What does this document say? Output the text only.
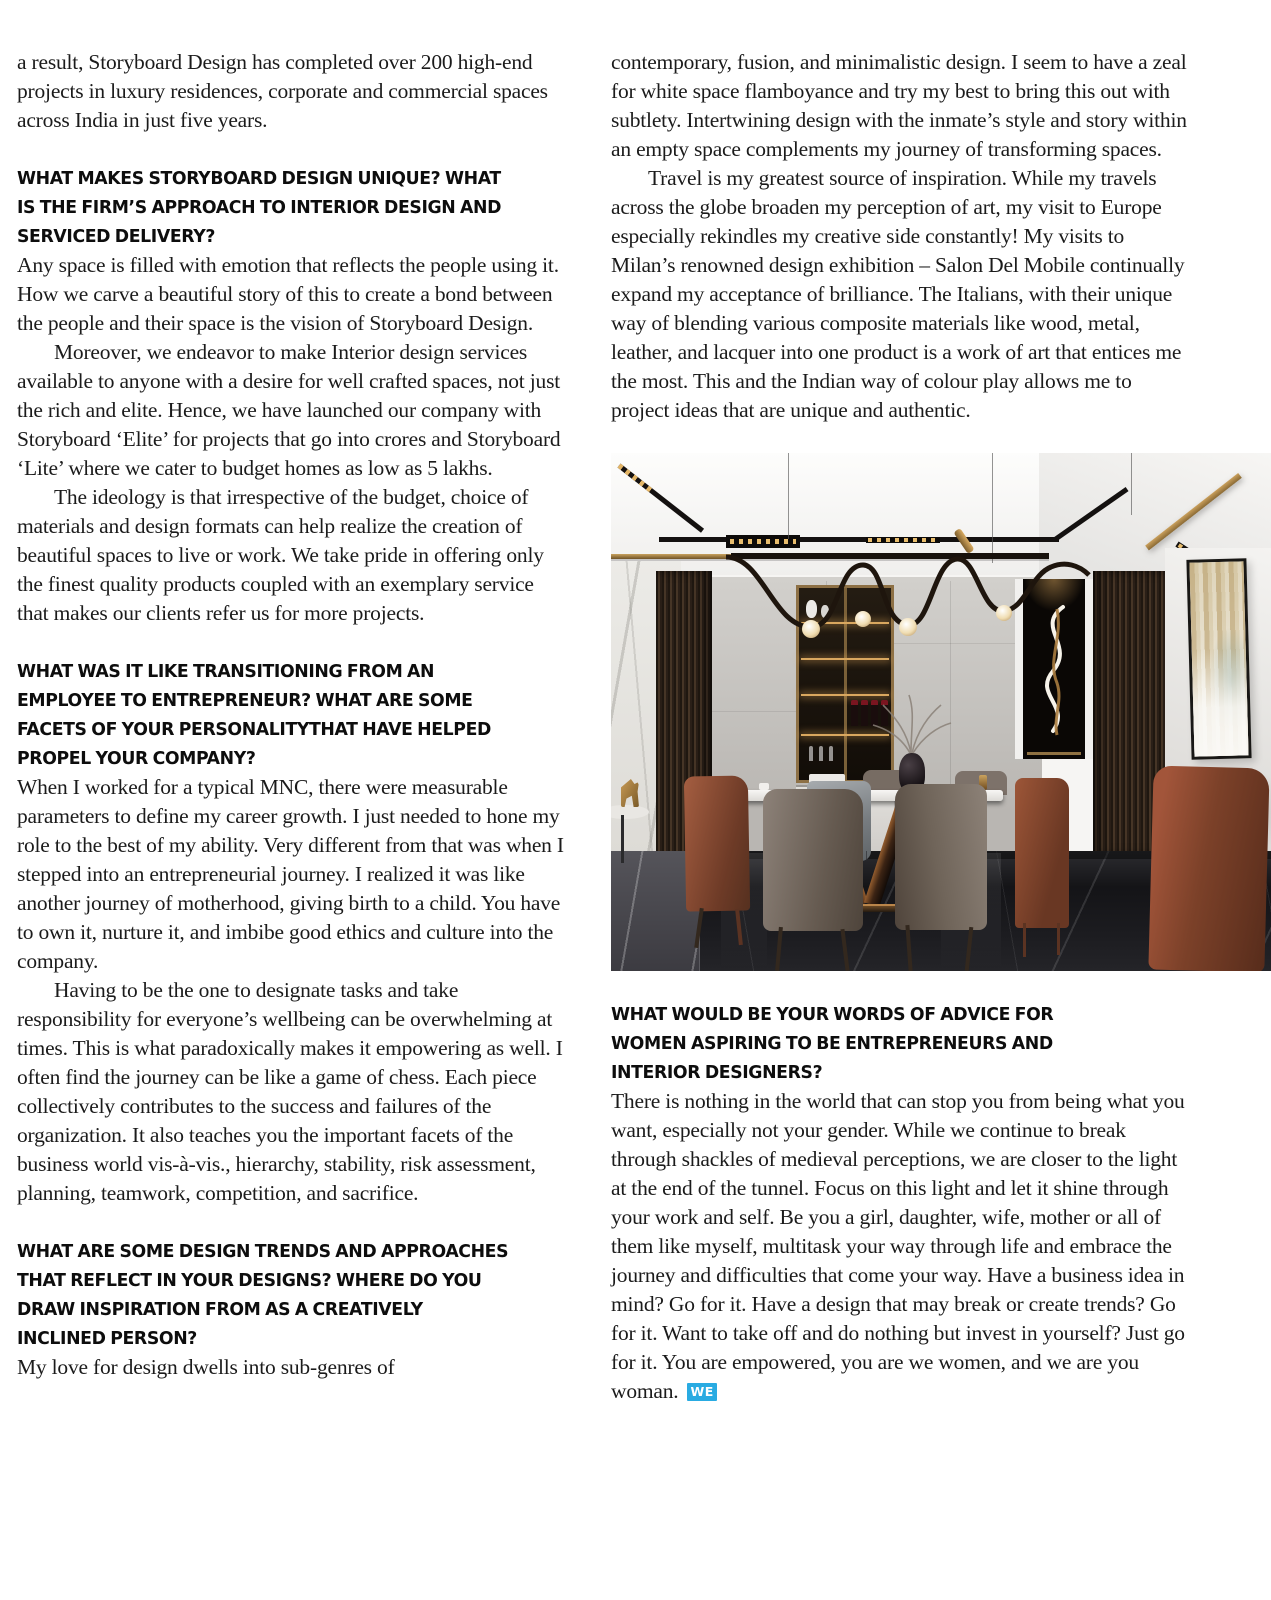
a result, Storyboard Design has completed over 200 high-end projects in luxury residences, corporate and commercial spaces across India in just five years.

WHAT MAKES STORYBOARD DESIGN UNIQUE? WHAT
IS THE FIRM’S APPROACH TO INTERIOR DESIGN AND
SERVICED DELIVERY?

Any space is filled with emotion that reflects the people using it. How we carve a beautiful story of this to create a bond between the people and their space is the vision of Storyboard Design.

Moreover, we endeavor to make Interior design services available to anyone with a desire for well crafted spaces, not just the rich and elite. Hence, we have launched our company with Storyboard ‘Elite’ for projects that go into crores and Storyboard ‘Lite’ where we cater to budget homes as low as 5 lakhs.

The ideology is that irrespective of the budget, choice of materials and design formats can help realize the creation of beautiful spaces to live or work. We take pride in offering only the finest quality products coupled with an exemplary service that makes our clients refer us for more projects.

WHAT WAS IT LIKE TRANSITIONING FROM AN
EMPLOYEE TO ENTREPRENEUR? WHAT ARE SOME
FACETS OF YOUR PERSONALITYTHAT HAVE HELPED
PROPEL YOUR COMPANY?

When I worked for a typical MNC, there were measurable parameters to define my career growth. I just needed to hone my role to the best of my ability. Very different from that was when I stepped into an entrepreneurial journey. I realized it was like another journey of motherhood, giving birth to a child. You have to own it, nurture it, and imbibe good ethics and culture into the company.

Having to be the one to designate tasks and take responsibility for everyone’s wellbeing can be overwhelming at times. This is what paradoxically makes it empowering as well. I often find the journey can be like a game of chess. Each piece collectively contributes to the success and failures of the organization. It also teaches you the important facets of the business world vis-à-vis., hierarchy, stability, risk assessment, planning, teamwork, competition, and sacrifice.

WHAT ARE SOME DESIGN TRENDS AND APPROACHES
THAT REFLECT IN YOUR DESIGNS? WHERE DO YOU
DRAW INSPIRATION FROM AS A CREATIVELY
INCLINED PERSON?

My love for design dwells into sub-genres of

contemporary, fusion, and minimalistic design. I seem to have a zeal for white space flamboyance and try my best to bring this out with subtlety. Intertwining design with the inmate’s style and story within an empty space complements my journey of transforming spaces.

Travel is my greatest source of inspiration. While my travels across the globe broaden my perception of art, my visit to Europe especially rekindles my creative side constantly! My visits to Milan’s renowned design exhibition – Salon Del Mobile continually expand my acceptance of brilliance. The Italians, with their unique way of blending various composite materials like wood, metal, leather, and lacquer into one product is a work of art that entices me the most. This and the Indian way of colour play allows me to project ideas that are unique and authentic.

WHAT WOULD BE YOUR WORDS OF ADVICE FOR
WOMEN ASPIRING TO BE ENTREPRENEURS AND
INTERIOR DESIGNERS?

There is nothing in the world that can stop you from being what you want, especially not your gender. While we continue to break through shackles of medieval perceptions, we are closer to the light at the end of the tunnel. Focus on this light and let it shine through your work and self. Be you a girl, daughter, wife, mother or all of them like myself, multitask your way through life and embrace the journey and difficulties that come your way. Have a business idea in mind? Go for it. Have a design that may break or create trends? Go for it. Want to take off and do nothing but invest in yourself? Just go for it. You are empowered, you are we women, and we are you woman. WE
